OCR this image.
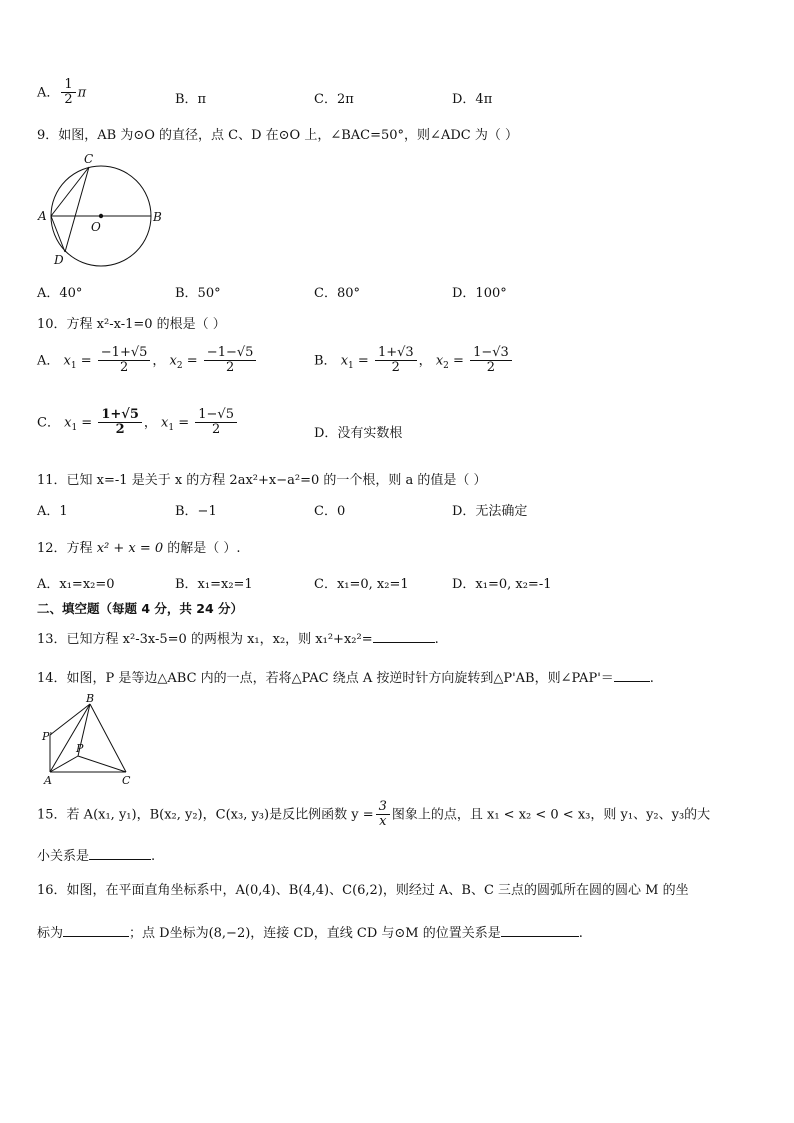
A． $\frac{1}{2}$ π	B．π	C．2π	D．4π
9．如图，AB 为⊙O 的直径，点 C、D 在⊙O 上，∠BAC=50°，则∠ADC 为（ ）
A	B
C
D
O
A．40°	B．50°	C．80°	D．100°
10．方程 x²-x-1=0 的根是（ ）
A． $x_1 = \frac{-1+√5}{2}$ ， $x_2 = \frac{-1-√5}{2}$	B． $x_1 = \frac{1+√3}{2}$ ， $x_2 = \frac{1-√3}{2}$
C． $x_1 = \frac{1+√5}{2}$ ， $x_1 = \frac{1-√5}{2}$	D．没有实数根
11．已知 x=-1 是关于 x 的方程 2ax²+x−a²=0 的一个根，则 a 的值是（ ）
A．1	B．−1	C．0	D．无法确定
12．方程 x² + x = 0 的解是（ ）.
A．x₁=x₂=0	B．x₁=x₂=1	C．x₁=0, x₂=1	D．x₁=0, x₂=-1
二、填空题（每题 4 分，共 24 分）
13．已知方程 x²-3x-5=0 的两根为 x₁，x₂，则 x₁²+x₂²=	.
14．如图，P 是等边△ABC 内的一点，若将△PAC 绕点 A 按逆时针方向旋转到△P'AB，则∠PAP'＝	.
B
P'
P
A	C
15．若 A(x₁, y₁)，B(x₂, y₂)，C(x₃, y₃)是反比例函数 $y = \frac{3}{x}$ 图象上的点，且 x₁ < x₂ < 0 < x₃，则 y₁、y₂、y₃的大
小关系是	.
16．如图，在平面直角坐标系中，A(0,4)、B(4,4)、C(6,2)，则经过 A、B、C 三点的圆弧所在圆的圆心 M 的坐
标为	；点 D坐标为(8,−2)，连接 CD，直线 CD 与⊙M 的位置关系是	.
